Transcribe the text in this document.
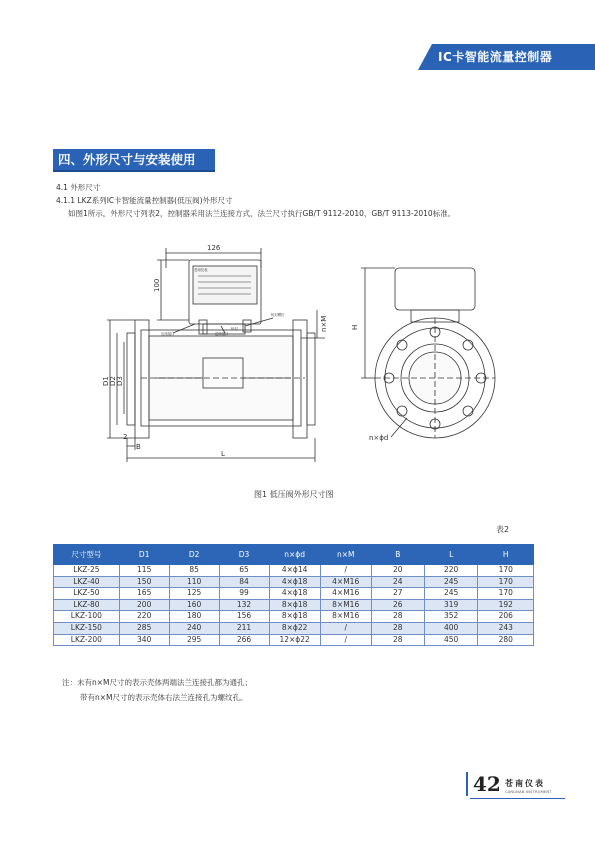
IC卡智能流量控制器
四、外形尺寸与安装使用
4.1 外形尺寸
4.1.1 LKZ系列IC卡智能流量控制器(低压阀)外形尺寸
如图1所示，外形尺寸列表2，控制器采用法兰连接方式，法兰尺寸执行GB/T 9112-2010、GB/T 9113-2010标准。
126
100
n×M	H
D1 D2 D3
2
B
L
n×ϕd
苍南仪表
出线接口	进线接口
铅封
铅封螺钉
图1 低压阀外形尺寸图
表2
尺寸型号	D1	D2	D3	n×ϕd	n×M	B	L	H
LKZ-25	115	85	65	4×ϕ14	/	20	220	170
LKZ-40	150	110	84	4×ϕ18	4×M16	24	245	170
LKZ-50	165	125	99	4×ϕ18	4×M16	27	245	170
LKZ-80	200	160	132	8×ϕ18	8×M16	26	319	192
LKZ-100	220	180	156	8×ϕ18	8×M16	28	352	206
LKZ-150	285	240	211	8×ϕ22	/	28	400	243
LKZ-200	340	295	266	12×ϕ22	/	28	450	280
注：未有n×M尺寸的表示壳体两端法兰连接孔都为通孔；
带有n×M尺寸的表示壳体右法兰连接孔为螺纹孔。
42 苍南仪表
CANGNAN INSTRUMENT
